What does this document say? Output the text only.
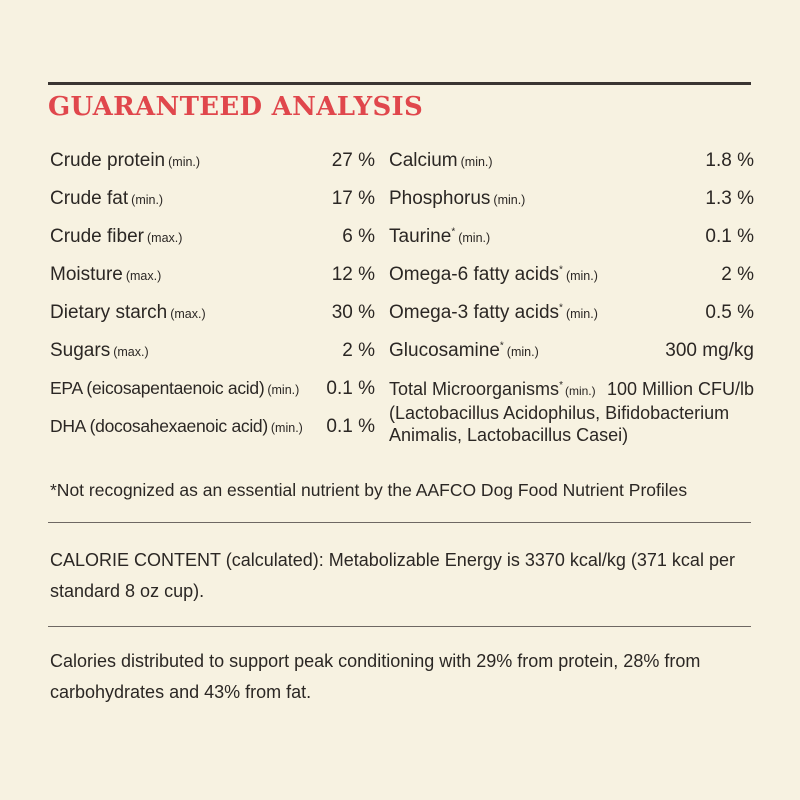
GUARANTEED ANALYSIS
Crude protein (min.)	27 %
Crude fat (min.)	17 %
Crude fiber (max.)	6 %
Moisture (max.)	12 %
Dietary starch (max.)	30 %
Sugars (max.)	2 %
EPA (eicosapentaenoic acid) (min.) 0.1 %
DHA (docosahexaenoic acid) (min.) 0.1 %
Calcium (min.)	1.8 %
Phosphorus (min.)	1.3 %
Taurine* (min.)	0.1 %
Omega-6 fatty acids* (min.)	2 %
Omega-3 fatty acids* (min.)	0.5 %
Glucosamine* (min.)	300 mg/kg
Total Microorganisms* (min.) 100 Million CFU/lb
(Lactobacillus Acidophilus, Bifidobacterium
Animalis, Lactobacillus Casei)
*Not recognized as an essential nutrient by the AAFCO Dog Food Nutrient Profiles
CALORIE CONTENT (calculated): Metabolizable Energy is 3370 kcal/kg (371 kcal per standard 8 oz cup).
Calories distributed to support peak conditioning with 29% from protein, 28% from carbohydrates and 43% from fat.
